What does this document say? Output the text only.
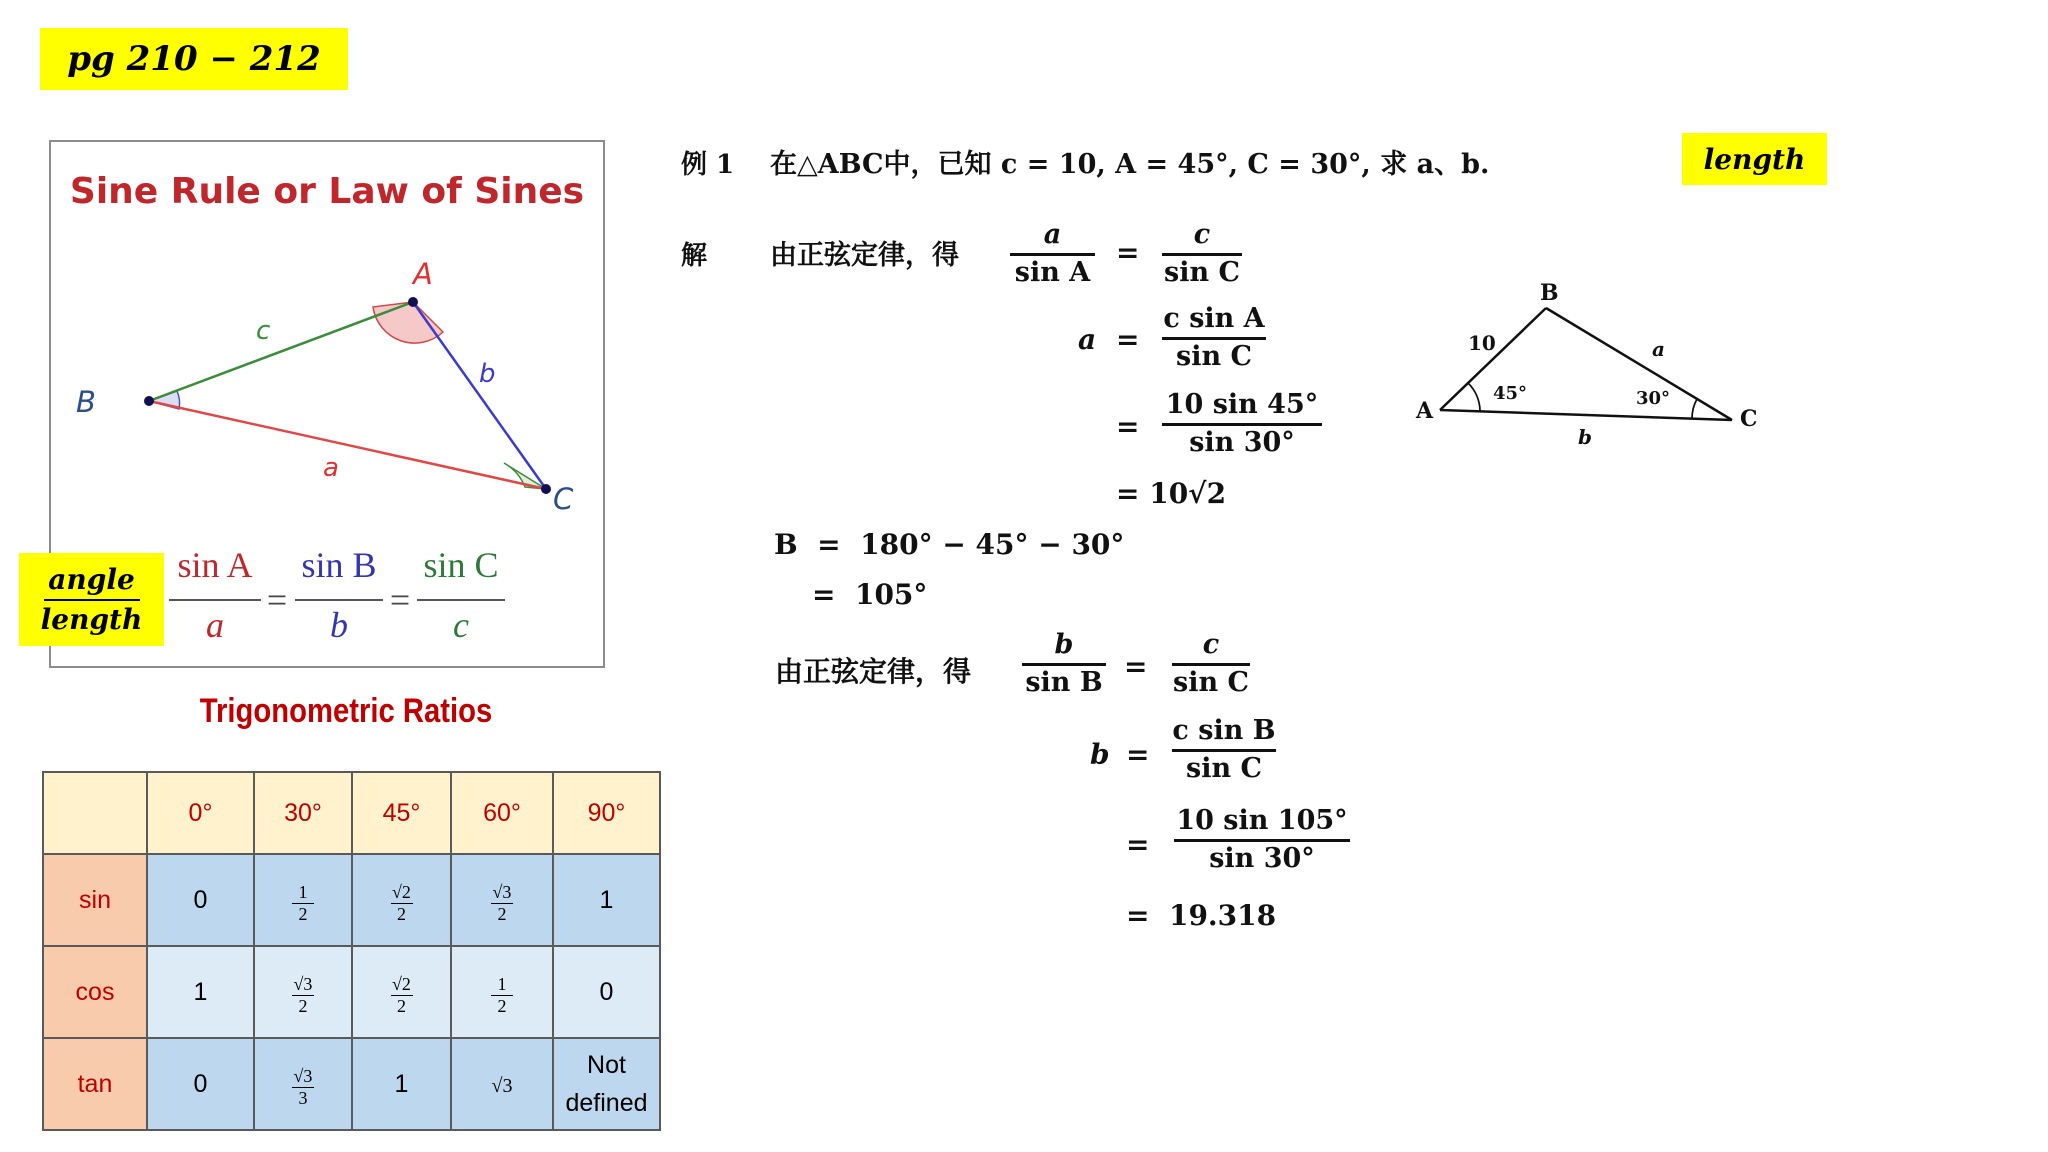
pg 210 − 212
Sine Rule or Law of Sines
A
B
C
c
b
a
sin A
a
=
sin B
b
=
sin C
c
angle
length
Trigonometric Ratios
	0°	30°	45°	60°	90°
sin	0	$\frac{1}{2}$	$\frac{√2}{2}$	$\frac{√3}{2}$	1
cos	1	$\frac{√3}{2}$	$\frac{√2}{2}$	$\frac{1}{2}$	0
tan	0	$\frac{√3}{3}$	1	√3	Not
defined
例 1 在△ABC中，已知 c = 10, A = 45°, C = 30°, 求 a、b.	length
解 由正弦定律，得
a
sin A
=
c
sin C
a =
c sin A
sin C
=
10 sin 45°
sin 30°
= 10√2
B  =  180° − 45° − 30°
=  105°
由正弦定律，得
b
sin B =
c
sin C
b =
c sin B
sin C
=
10 sin 105°
sin 30°
=  19.318
B
A	C
10	a
b
45°	30°
